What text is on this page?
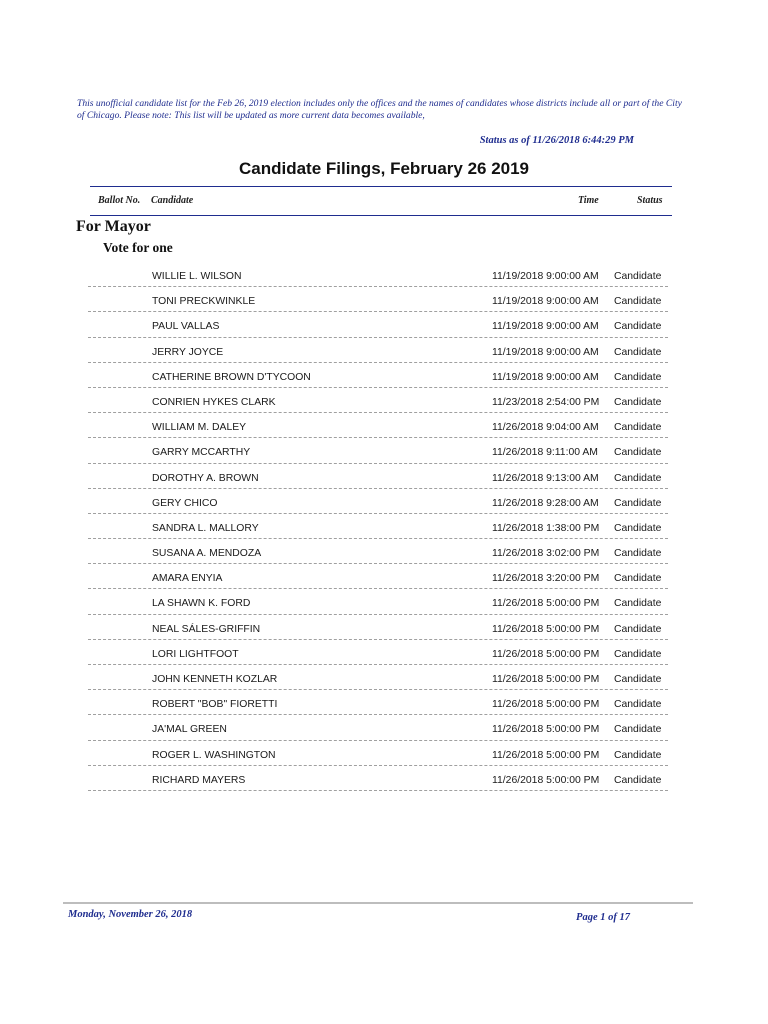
This unofficial candidate list for the Feb 26, 2019 election includes only the offices and the names of candidates whose districts include all or part of the City of Chicago. Please note: This list will be updated as more current data becomes available,
Status as of 11/26/2018 6:44:29 PM
Candidate Filings, February 26 2019
Ballot No. Candidate	Time	Status
For Mayor
Vote for one
WILLIE L. WILSON	11/19/2018 9:00:00 AM Candidate
TONI PRECKWINKLE	11/19/2018 9:00:00 AM Candidate
PAUL VALLAS	11/19/2018 9:00:00 AM Candidate
JERRY JOYCE	11/19/2018 9:00:00 AM Candidate
CATHERINE BROWN D'TYCOON	11/19/2018 9:00:00 AM Candidate
CONRIEN HYKES CLARK	11/23/2018 2:54:00 PM Candidate
WILLIAM M. DALEY	11/26/2018 9:04:00 AM Candidate
GARRY MCCARTHY	11/26/2018 9:11:00 AM Candidate
DOROTHY A. BROWN	11/26/2018 9:13:00 AM Candidate
GERY CHICO	11/26/2018 9:28:00 AM Candidate
SANDRA L. MALLORY	11/26/2018 1:38:00 PM Candidate
SUSANA A. MENDOZA	11/26/2018 3:02:00 PM Candidate
AMARA ENYIA	11/26/2018 3:20:00 PM Candidate
LA SHAWN K. FORD	11/26/2018 5:00:00 PM Candidate
NEAL SÁLES-GRIFFIN	11/26/2018 5:00:00 PM Candidate
LORI LIGHTFOOT	11/26/2018 5:00:00 PM Candidate
JOHN KENNETH KOZLAR	11/26/2018 5:00:00 PM Candidate
ROBERT "BOB" FIORETTI	11/26/2018 5:00:00 PM Candidate
JA'MAL GREEN	11/26/2018 5:00:00 PM Candidate
ROGER L. WASHINGTON	11/26/2018 5:00:00 PM Candidate
RICHARD MAYERS	11/26/2018 5:00:00 PM Candidate
Monday, November 26, 2018	Page 1 of 17
